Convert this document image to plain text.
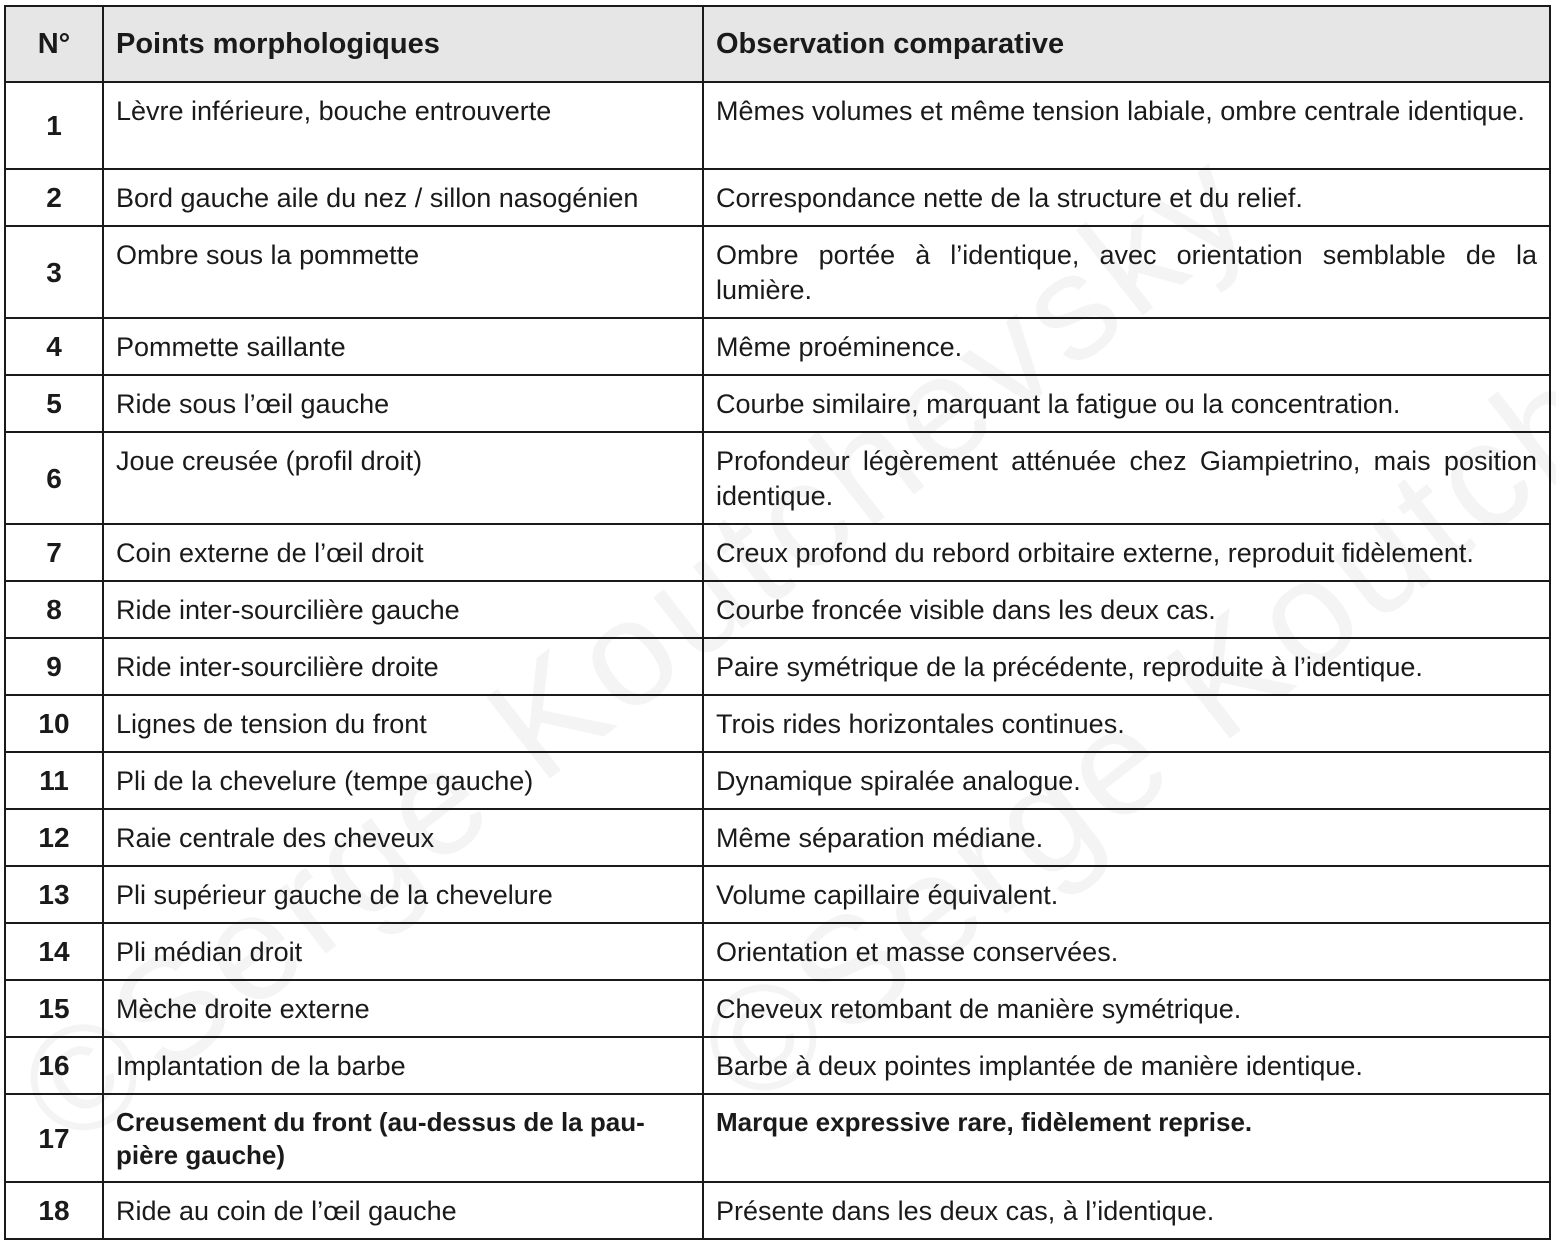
N°	Points morphologiques	Observation comparative
1	Lèvre inférieure, bouche entrouverte	Mêmes volumes et même tension labiale, ombre centrale identique.
2	Bord gauche aile du nez / sillon nasogénien	Correspondance nette de la structure et du relief.
3	Ombre sous la pommette	Ombre portée à l’identique, avec orientation semblable de la lumière.
4	Pommette saillante	Même proéminence.
5	Ride sous l’œil gauche	Courbe similaire, marquant la fatigue ou la concentration.
6	Joue creusée (profil droit)	Profondeur légèrement atténuée chez Giampietrino, mais position identique.
7	Coin externe de l’œil droit	Creux profond du rebord orbitaire externe, reproduit fidèlement.
8	Ride inter-sourcilière gauche	Courbe froncée visible dans les deux cas.
9	Ride inter-sourcilière droite	Paire symétrique de la précédente, reproduite à l’identique.
10	Lignes de tension du front	Trois rides horizontales continues.
11	Pli de la chevelure (tempe gauche)	Dynamique spiralée analogue.
12	Raie centrale des cheveux	Même séparation médiane.
13	Pli supérieur gauche de la chevelure	Volume capillaire équivalent.
14	Pli médian droit	Orientation et masse conservées.
15	Mèche droite externe	Cheveux retombant de manière symétrique.
16	Implantation de la barbe	Barbe à deux pointes implantée de manière identique.
17	Creusement du front (au-dessus de la pau-pière gauche)	Marque expressive rare, fidèlement reprise.
18	Ride au coin de l’œil gauche	Présente dans les deux cas, à l’identique.
